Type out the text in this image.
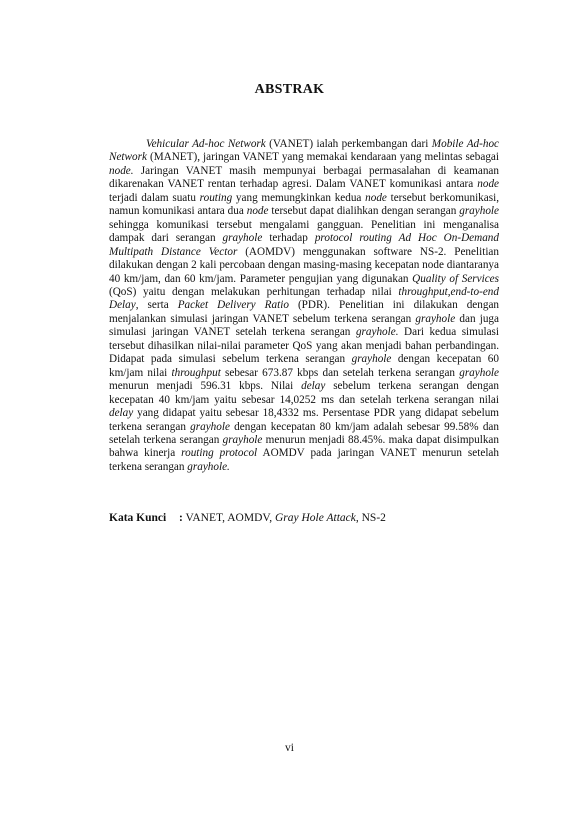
ABSTRAK

Vehicular Ad-hoc Network (VANET) ialah perkembangan dari Mobile Ad-hoc Network (MANET), jaringan VANET yang memakai kendaraan yang melintas sebagai node. Jaringan VANET masih mempunyai berbagai permasalahan di keamanan dikarenakan VANET rentan terhadap agresi. Dalam VANET komunikasi antara node terjadi dalam suatu routing yang memungkinkan kedua node tersebut berkomunikasi, namun komunikasi antara dua node tersebut dapat dialihkan dengan serangan grayhole sehingga komunikasi tersebut mengalami gangguan. Penelitian ini menganalisa dampak dari serangan grayhole terhadap protocol routing Ad Hoc On-Demand Multipath Distance Vector (AOMDV) menggunakan software NS-2. Penelitian dilakukan dengan 2 kali percobaan dengan masing-masing kecepatan node diantaranya 40 km/jam, dan 60 km/jam. Parameter pengujian yang digunakan Quality of Services (QoS) yaitu dengan melakukan perhitungan terhadap nilai throughput,end-to-end Delay, serta Packet Delivery Ratio (PDR). Penelitian ini dilakukan dengan menjalankan simulasi jaringan VANET sebelum terkena serangan grayhole dan juga simulasi jaringan VANET setelah terkena serangan grayhole. Dari kedua simulasi tersebut dihasilkan nilai-nilai parameter QoS yang akan menjadi bahan perbandingan. Didapat pada simulasi sebelum terkena serangan grayhole dengan kecepatan 60 km/jam nilai throughput sebesar 673.87 kbps dan setelah terkena serangan grayhole menurun menjadi 596.31 kbps. Nilai delay sebelum terkena serangan dengan kecepatan 40 km/jam yaitu sebesar 14,0252 ms dan setelah terkena serangan nilai delay yang didapat yaitu sebesar 18,4332 ms. Persentase PDR yang didapat sebelum terkena serangan grayhole dengan kecepatan 80 km/jam adalah sebesar 99.58% dan setelah terkena serangan grayhole menurun menjadi 88.45%. maka dapat disimpulkan bahwa kinerja routing protocol AOMDV pada jaringan VANET menurun setelah terkena serangan grayhole.

Kata Kunci : VANET, AOMDV, Gray Hole Attack, NS-2
vi
